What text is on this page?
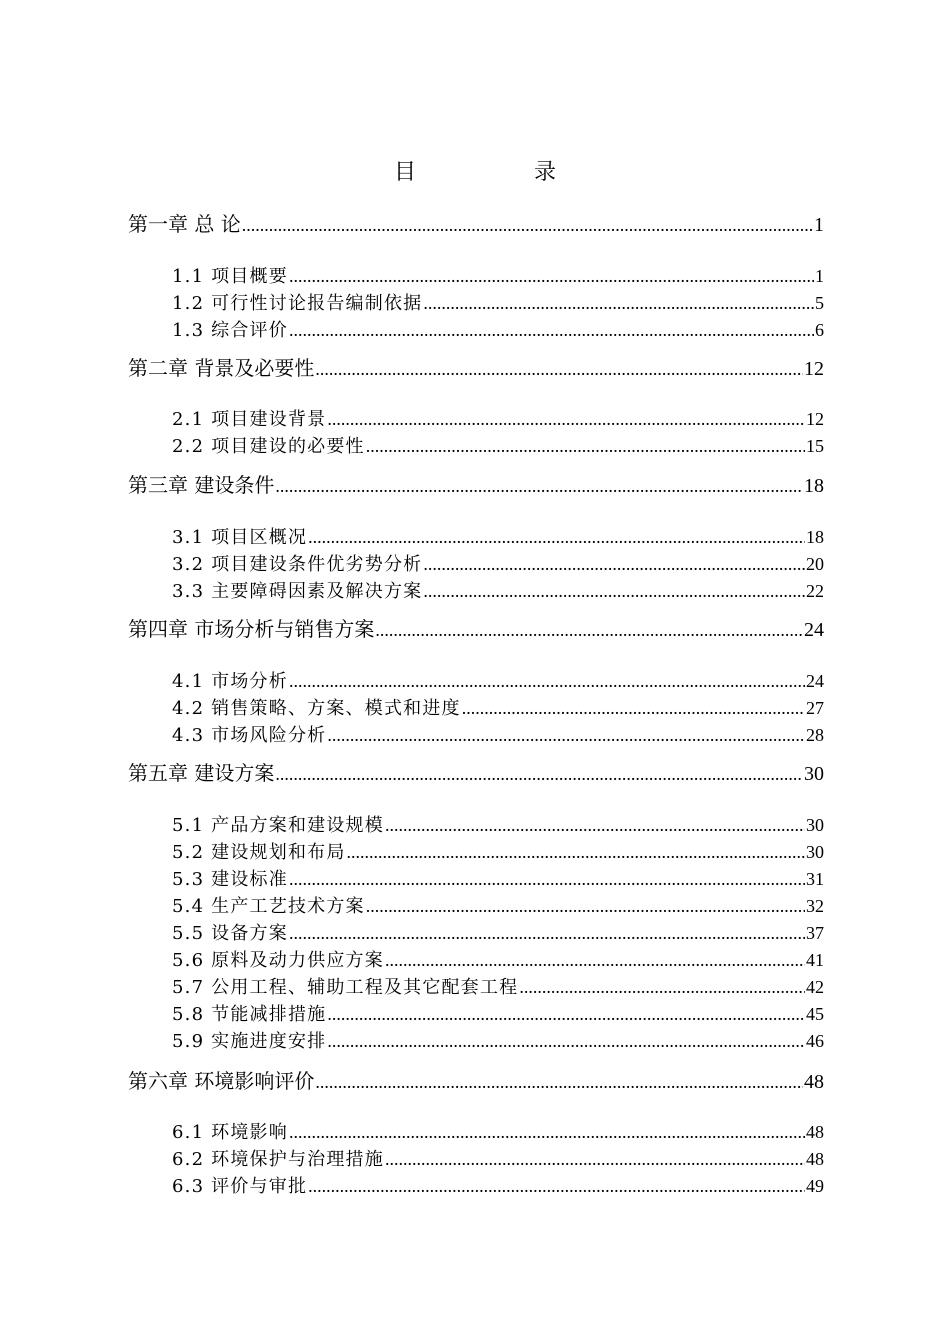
目　录
第一章 总 论 .....	1
1.1 项目概要 .....	1
1.2 可行性讨论报告编制依据 .....	5
1.3 综合评价 .....	6
第二章 背景及必要性 .....	12
2.1 项目建设背景 .....	12
2.2 项目建设的必要性 .....	15
第三章 建设条件 .....	18
3.1 项目区概况 .....	18
3.2 项目建设条件优劣势分析 .....	20
3.3 主要障碍因素及解决方案 .....	22
第四章 市场分析与销售方案 .....	24
4.1 市场分析 .....	24
4.2 销售策略、方案、模式和进度 .....	27
4.3 市场风险分析 .....	28
第五章 建设方案 .....	30
5.1 产品方案和建设规模 .....	30
5.2 建设规划和布局 .....	30
5.3 建设标准 .....	31
5.4 生产工艺技术方案 .....	32
5.5 设备方案 .....	37
5.6 原料及动力供应方案 .....	41
5.7 公用工程、辅助工程及其它配套工程 .....	42
5.8 节能减排措施 .....	45
5.9 实施进度安排 .....	46
第六章 环境影响评价 .....	48
6.1 环境影响 .....	48
6.2 环境保护与治理措施 .....	48
6.3 评价与审批 .....	49
